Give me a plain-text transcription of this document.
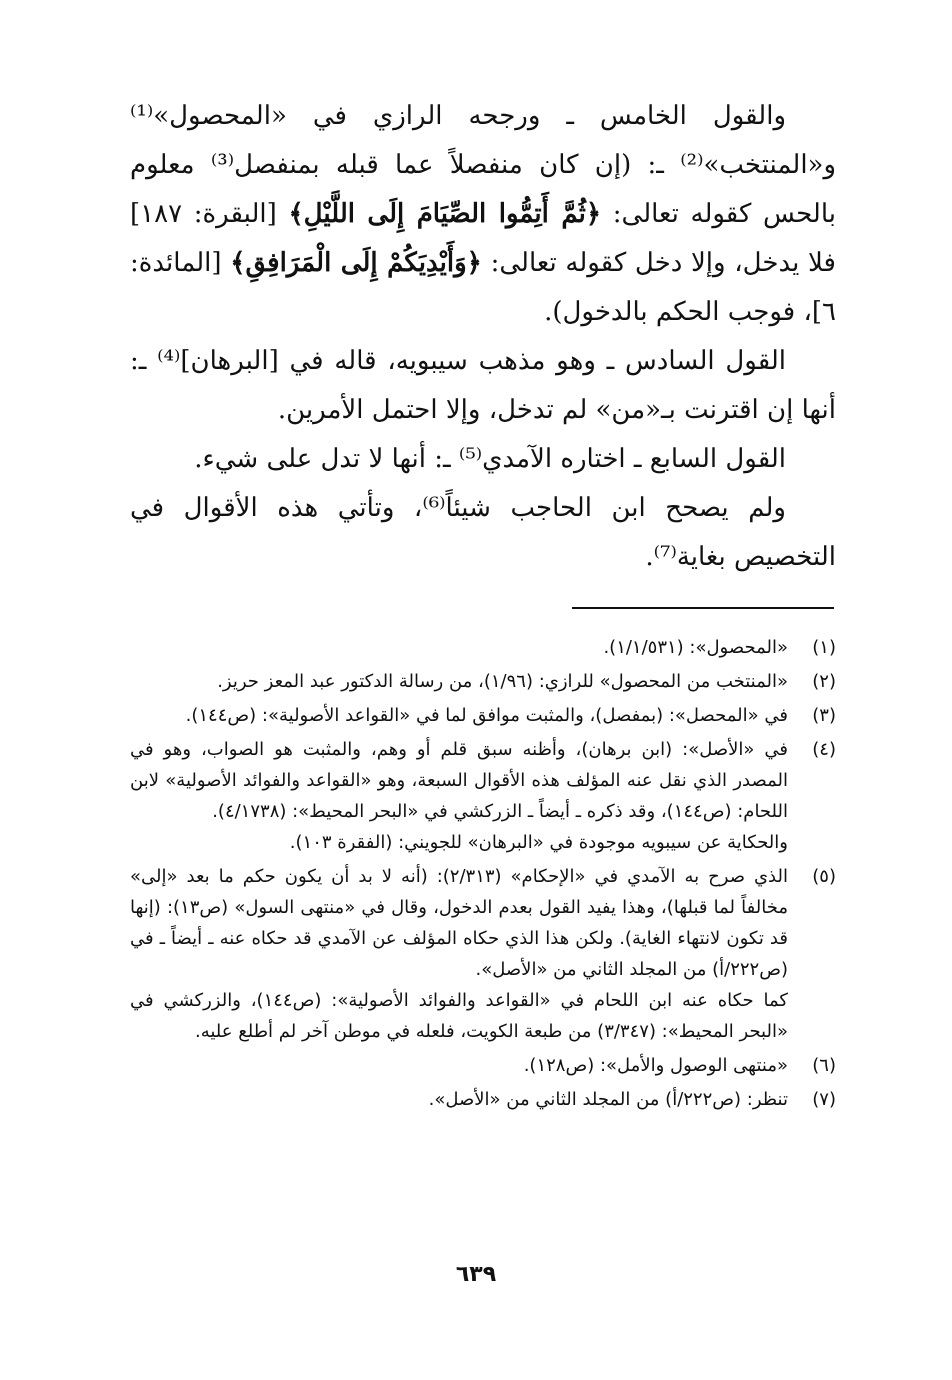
والقول الخامس ـ ورجحه الرازي في «المحصول»⁽¹⁾ و«المنتخب»⁽²⁾ ـ: (إن كان منفصلاً عما قبله بمنفصل⁽³⁾ معلوم بالحس كقوله تعالى: ﴿ثُمَّ أَتِمُّوا الصِّيَامَ إِلَى اللَّيْلِ﴾ [البقرة: ١٨٧] فلا يدخل، وإلا دخل كقوله تعالى: ﴿وَأَيْدِيَكُمْ إِلَى الْمَرَافِقِ﴾ [المائدة: ٦]، فوجب الحكم بالدخول).

القول السادس ـ وهو مذهب سيبويه، قاله في [البرهان]⁽⁴⁾ ـ: أنها إن اقترنت بـ«من» لم تدخل، وإلا احتمل الأمرين.

القول السابع ـ اختاره الآمدي⁽⁵⁾ ـ: أنها لا تدل على شيء.

ولم يصحح ابن الحاجب شيئاً⁽⁶⁾، وتأتي هذه الأقوال في التخصيص بغاية⁽⁷⁾.

(١)
«المحصول»: (١/١/٥٣١).
(٢)
«المنتخب من المحصول» للرازي: (١/٩٦)، من رسالة الدكتور عبد المعز حريز.
(٣)
في «المحصل»: (بمفصل)، والمثبت موافق لما في «القواعد الأصولية»: (ص١٤٤).
(٤)
في «الأصل»: (ابن برهان)، وأظنه سبق قلم أو وهم، والمثبت هو الصواب، وهو في المصدر الذي نقل عنه المؤلف هذه الأقوال السبعة، وهو «القواعد والفوائد الأصولية» لابن اللحام: (ص١٤٤)، وقد ذكره ـ أيضاً ـ الزركشي في «البحر المحيط»: (٤/١٧٣٨).
والحكاية عن سيبويه موجودة في «البرهان» للجويني: (الفقرة ١٠٣).
(٥)
الذي صرح به الآمدي في «الإحكام» (٢/٣١٣): (أنه لا بد أن يكون حكم ما بعد «إلى» مخالفاً لما قبلها)، وهذا يفيد القول بعدم الدخول، وقال في «منتهى السول» (ص١٣): (إنها قد تكون لانتهاء الغاية). ولكن هذا الذي حكاه المؤلف عن الآمدي قد حكاه عنه ـ أيضاً ـ في (ص٢٢٢/أ) من المجلد الثاني من «الأصل».
كما حكاه عنه ابن اللحام في «القواعد والفوائد الأصولية»: (ص١٤٤)، والزركشي في «البحر المحيط»: (٣/٣٤٧) من طبعة الكويت، فلعله في موطن آخر لم أطلع عليه.
(٦)
«منتهى الوصول والأمل»: (ص١٢٨).
(٧)
تنظر: (ص٢٢٢/أ) من المجلد الثاني من «الأصل».
٦٣٩
